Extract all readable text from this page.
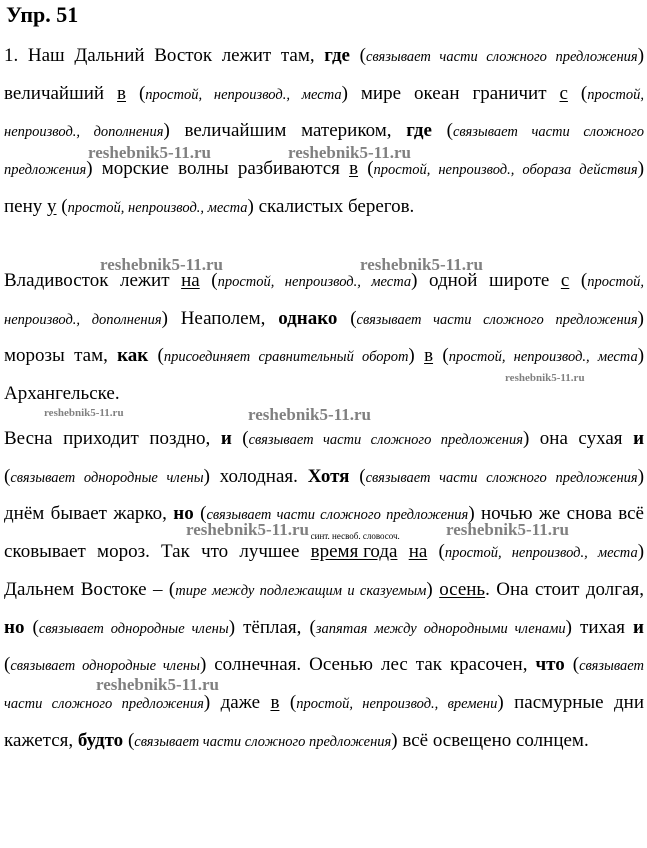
Упр. 51
1. Наш Дальний Восток лежит там, где (связывает части сложного предложения) величайший в (простой, непроизвод., места) мире океан граничит с (простой, непроизвод., дополнения) величайшим материком, где (связывает части сложного предложения) морские волны разбиваются в (простой, непроизвод., обораза действия) пену у (простой, непроизвод., места) скалистых берегов.
Владивосток лежит на (простой, непроизвод., места) одной широте с (простой, непроизвод., дополнения) Неаполем, однако (связывает части сложного предложения) морозы там, как (присоединяет сравнительный оборот) в (простой, непроизвод., места) Архангельске.
Весна приходит поздно, и (связывает части сложного предложения) она сухая и (связывает однородные члены) холодная. Хотя (связывает части сложного предложения) днём бывает жарко, но (связывает части сложного предложения) ночью же снова всё сковывает мороз. Так что лучшее время года
синт. несвоб. словосоч.
на (простой, непроизвод., места) Дальнем Востоке – (тире между подлежащим и сказуемым) осень. Она стоит долгая, но (связывает однородные члены) тёплая, (запятая между однородными членами) тихая и (связывает однородные члены) солнечная. Осенью лес так красочен, что (связывает части сложного предложения) даже в (простой, непроизвод., времени) пасмурные дни кажется, будто (связывает части сложного предложения) всё освещено солнцем.
reshebnik5-11.ru	reshebnik5-11.ru
reshebnik5-11.ru	reshebnik5-11.ru
reshebnik5-11.ru
reshebnik5-11.ru	reshebnik5-11.ru
reshebnik5-11.ru	reshebnik5-11.ru
reshebnik5-11.ru
